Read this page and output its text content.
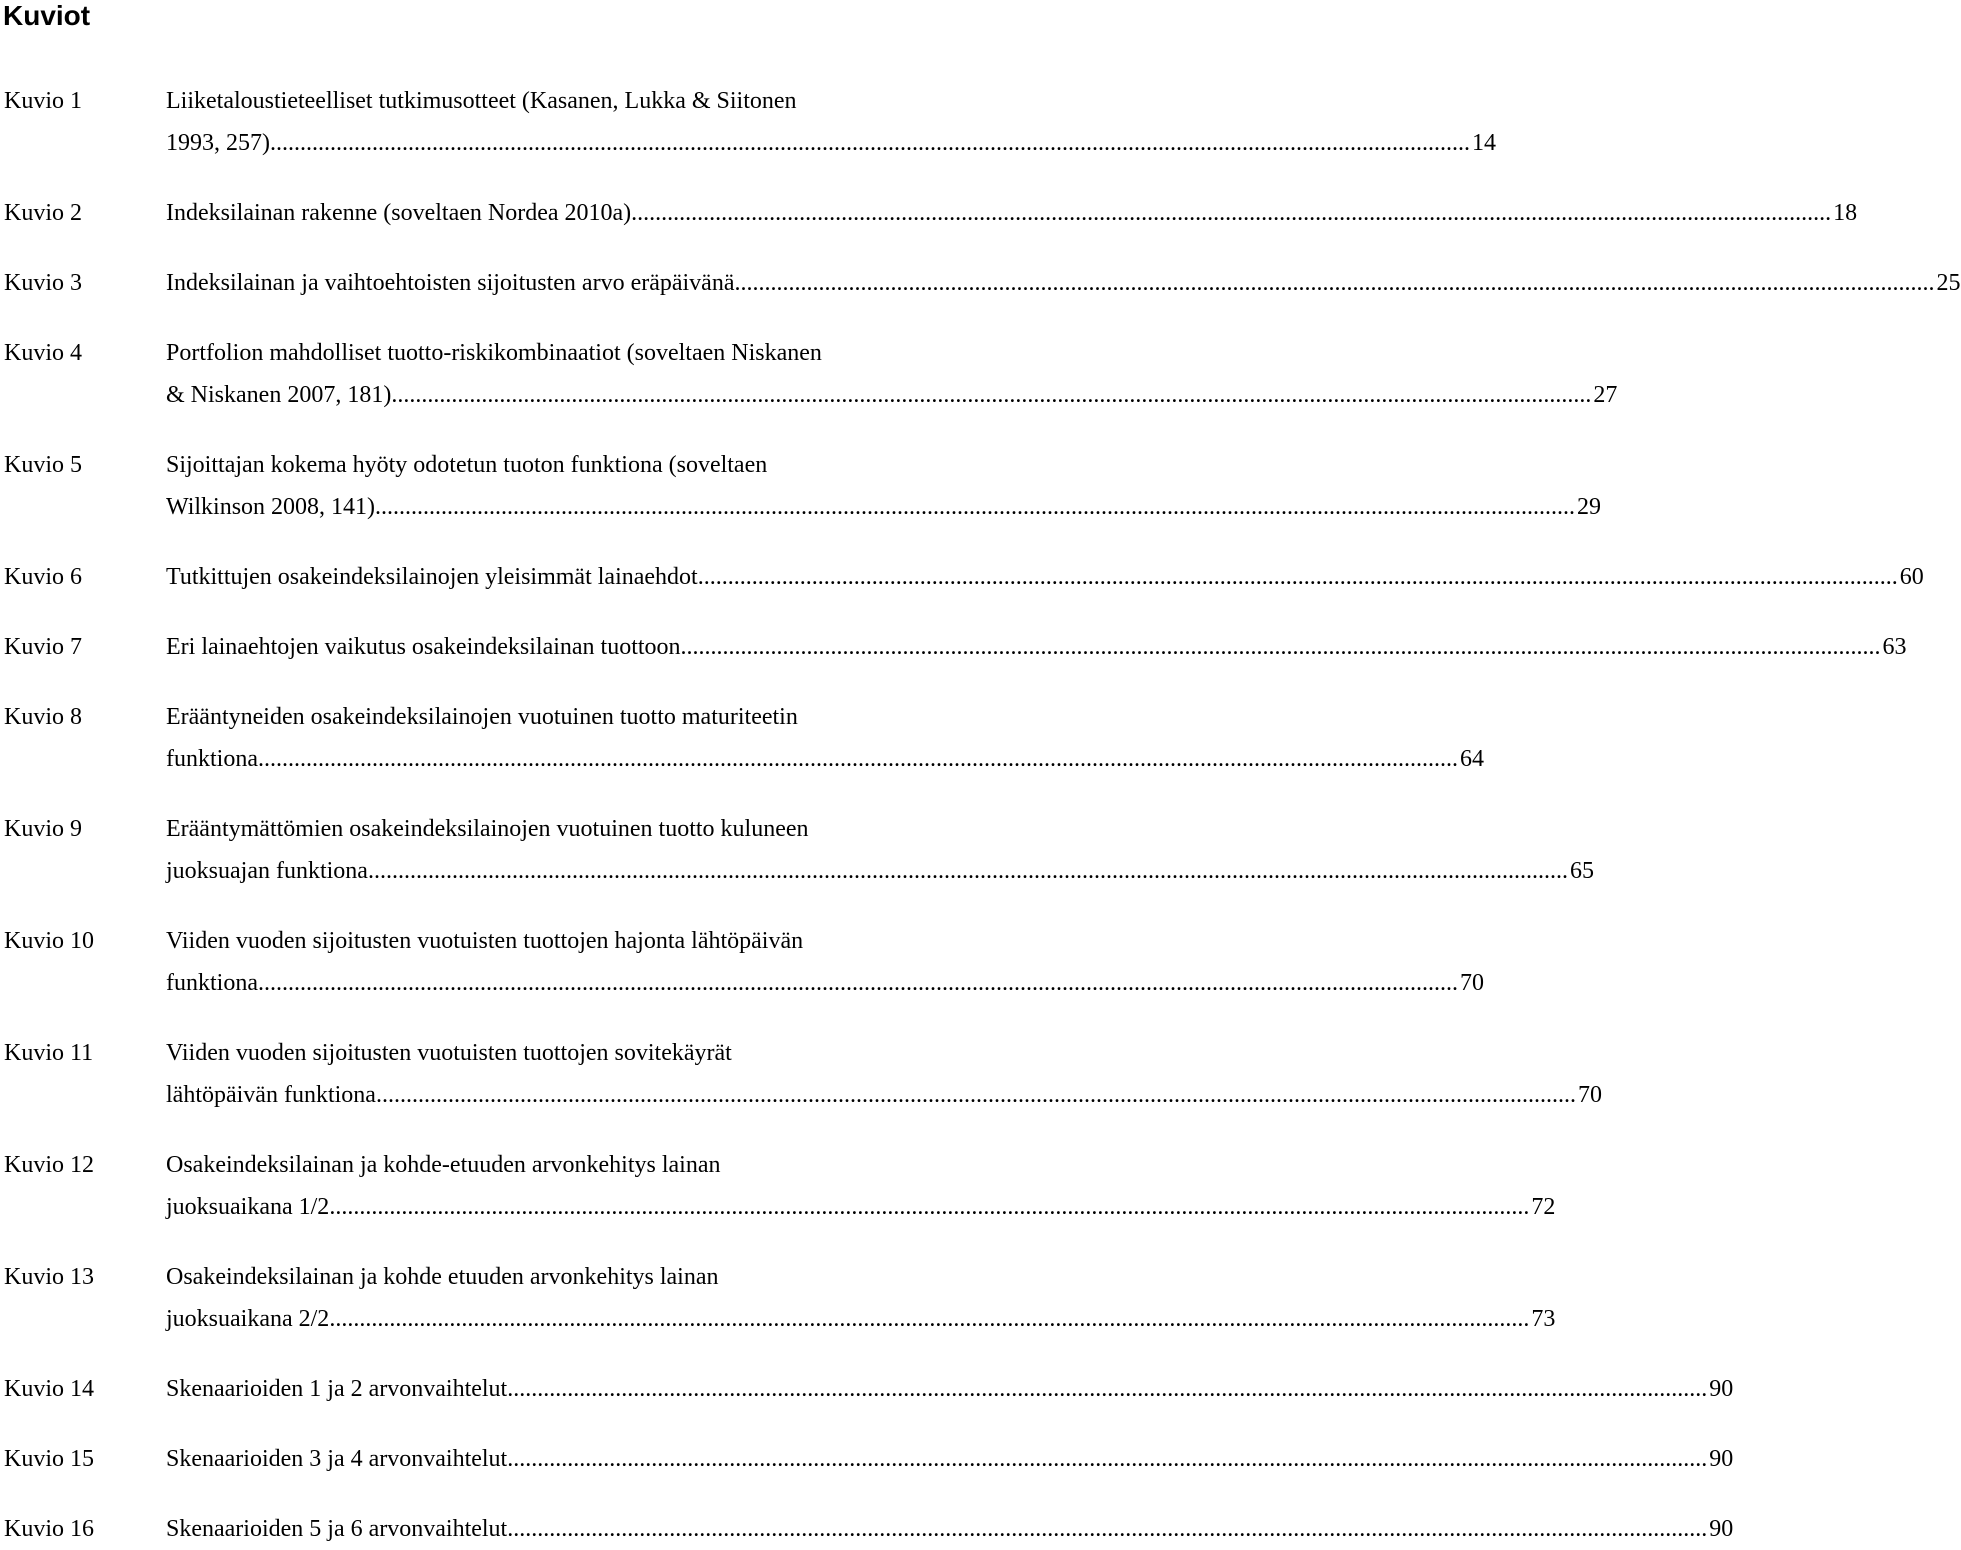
Kuviot
Kuvio 1	Liiketaloustieteelliset tutkimusotteet (Kasanen, Lukka & Siitonen
1993, 257) ........................................................................................................................................................................................................ 14
Kuvio 2	Indeksilainan rakenne (soveltaen Nordea 2010a) ........................................................................................................................................................................................................ 18
Kuvio 3	Indeksilainan ja vaihtoehtoisten sijoitusten arvo eräpäivänä ........................................................................................................................................................................................................ 25
Kuvio 4	Portfolion mahdolliset tuotto-riskikombinaatiot (soveltaen Niskanen
& Niskanen 2007, 181) ........................................................................................................................................................................................................ 27
Kuvio 5	Sijoittajan kokema hyöty odotetun tuoton funktiona (soveltaen
Wilkinson 2008, 141) ........................................................................................................................................................................................................ 29
Kuvio 6	Tutkittujen osakeindeksilainojen yleisimmät lainaehdot ........................................................................................................................................................................................................ 60
Kuvio 7	Eri lainaehtojen vaikutus osakeindeksilainan tuottoon ........................................................................................................................................................................................................ 63
Kuvio 8	Erääntyneiden osakeindeksilainojen vuotuinen tuotto maturiteetin
funktiona ........................................................................................................................................................................................................ 64
Kuvio 9	Erääntymättömien osakeindeksilainojen vuotuinen tuotto kuluneen
juoksuajan funktiona ........................................................................................................................................................................................................ 65
Kuvio 10	Viiden vuoden sijoitusten vuotuisten tuottojen hajonta lähtöpäivän
funktiona ........................................................................................................................................................................................................ 70
Kuvio 11	Viiden vuoden sijoitusten vuotuisten tuottojen sovitekäyrät
lähtöpäivän funktiona ........................................................................................................................................................................................................ 70
Kuvio 12	Osakeindeksilainan ja kohde-etuuden arvonkehitys lainan
juoksuaikana 1/2 ........................................................................................................................................................................................................ 72
Kuvio 13	Osakeindeksilainan ja kohde etuuden arvonkehitys lainan
juoksuaikana 2/2 ........................................................................................................................................................................................................ 73
Kuvio 14	Skenaarioiden 1 ja 2 arvonvaihtelut ........................................................................................................................................................................................................ 90
Kuvio 15	Skenaarioiden 3 ja 4 arvonvaihtelut ........................................................................................................................................................................................................ 90
Kuvio 16	Skenaarioiden 5 ja 6 arvonvaihtelut ........................................................................................................................................................................................................ 90
